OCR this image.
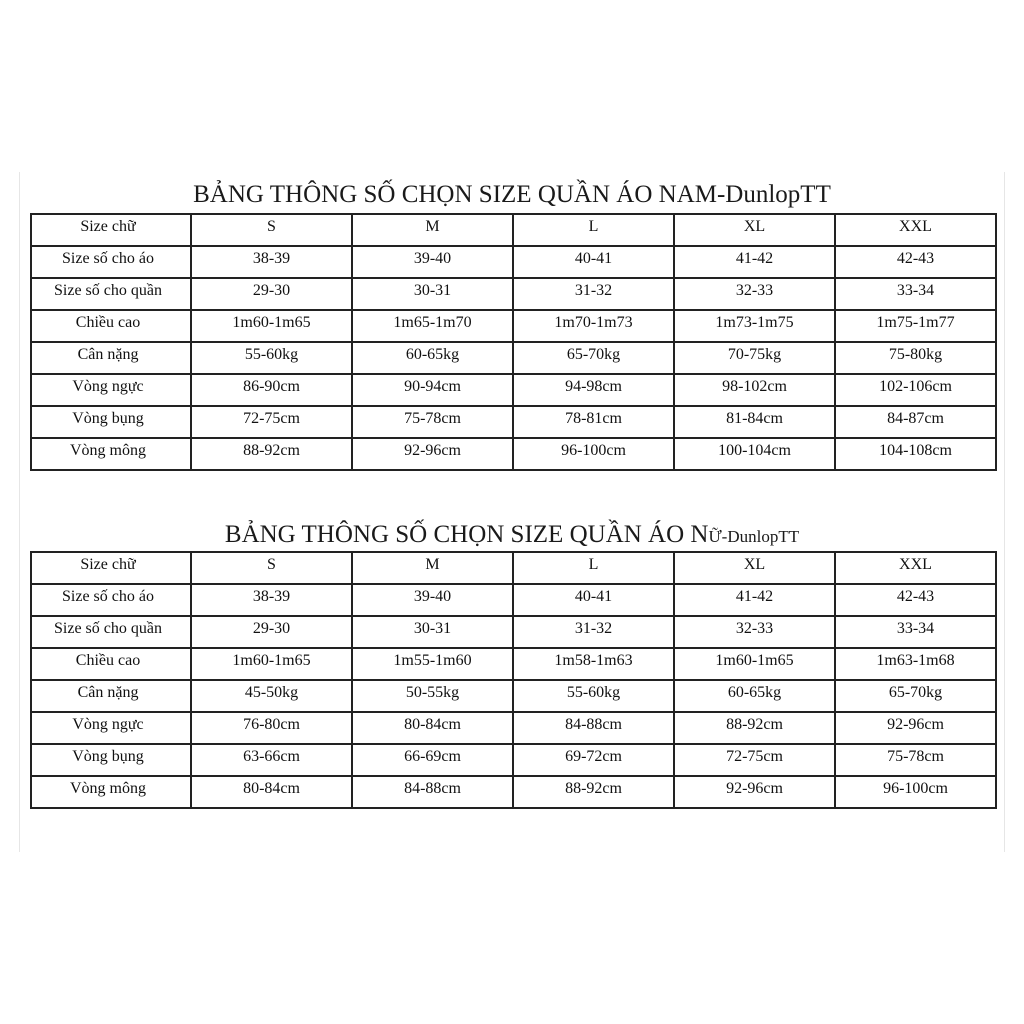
BẢNG THÔNG SỐ CHỌN SIZE QUẦN ÁO NAM-DunlopTT
Size chữ	S	M	L	XL	XXL
Size số cho áo	38-39	39-40	40-41	41-42	42-43
Size số cho quần	29-30	30-31	31-32	32-33	33-34
Chiều cao	1m60-1m65	1m65-1m70	1m70-1m73	1m73-1m75	1m75-1m77
Cân nặng	55-60kg	60-65kg	65-70kg	70-75kg	75-80kg
Vòng ngực	86-90cm	90-94cm	94-98cm	98-102cm	102-106cm
Vòng bụng	72-75cm	75-78cm	78-81cm	81-84cm	84-87cm
Vòng mông	88-92cm	92-96cm	96-100cm	100-104cm	104-108cm
BẢNG THÔNG SỐ CHỌN SIZE QUẦN ÁO NỮ-DunlopTT
Size chữ	S	M	L	XL	XXL
Size số cho áo	38-39	39-40	40-41	41-42	42-43
Size số cho quần	29-30	30-31	31-32	32-33	33-34
Chiều cao	1m60-1m65	1m55-1m60	1m58-1m63	1m60-1m65	1m63-1m68
Cân nặng	45-50kg	50-55kg	55-60kg	60-65kg	65-70kg
Vòng ngực	76-80cm	80-84cm	84-88cm	88-92cm	92-96cm
Vòng bụng	63-66cm	66-69cm	69-72cm	72-75cm	75-78cm
Vòng mông	80-84cm	84-88cm	88-92cm	92-96cm	96-100cm
